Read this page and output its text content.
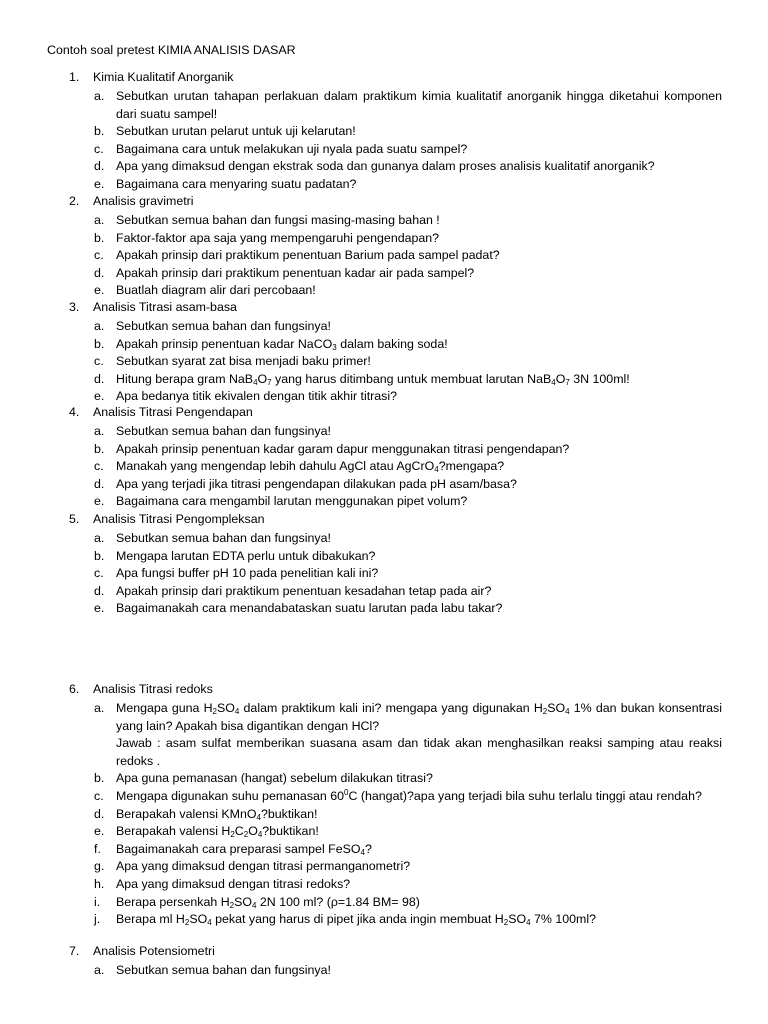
Contoh soal pretest KIMIA ANALISIS DASAR
1. Kimia Kualitatif Anorganik
a. Sebutkan urutan tahapan perlakuan dalam praktikum kimia kualitatif anorganik hingga diketahui komponen dari suatu sampel!
b. Sebutkan urutan pelarut untuk uji kelarutan!
c. Bagaimana cara untuk melakukan uji nyala pada suatu sampel?
d. Apa yang dimaksud dengan ekstrak soda dan gunanya dalam proses analisis kualitatif anorganik?
e. Bagaimana cara menyaring suatu padatan?
2. Analisis gravimetri
a. Sebutkan semua bahan dan fungsi masing-masing bahan !
b. Faktor-faktor apa saja yang mempengaruhi pengendapan?
c. Apakah prinsip dari praktikum penentuan Barium pada sampel padat?
d. Apakah prinsip dari praktikum penentuan kadar air pada sampel?
e. Buatlah diagram alir dari percobaan!
3. Analisis Titrasi asam-basa
a. Sebutkan semua bahan dan fungsinya!
b. Apakah prinsip penentuan kadar NaCO$_3$ dalam baking soda!
c. Sebutkan syarat zat bisa menjadi baku primer!
d. Hitung berapa gram $NaB_4O_7$ yang harus ditimbang untuk membuat larutan $NaB_4O_7$ 3N 100ml!
e. Apa bedanya titik ekivalen dengan titik akhir titrasi?
4. Analisis Titrasi Pengendapan
a. Sebutkan semua bahan dan fungsinya!
b. Apakah prinsip penentuan kadar garam dapur menggunakan titrasi pengendapan?
c. Manakah yang mengendap lebih dahulu AgCl atau AgCrO$_4$?mengapa?
d. Apa yang terjadi jika titrasi pengendapan dilakukan pada pH asam/basa?
e. Bagaimana cara mengambil larutan menggunakan pipet volum?
5. Analisis Titrasi Pengompleksan
a. Sebutkan semua bahan dan fungsinya!
b. Mengapa larutan EDTA perlu untuk dibakukan?
c. Apa fungsi buffer pH 10 pada penelitian kali ini?
d. Apakah prinsip dari praktikum penentuan kesadahan tetap pada air?
e. Bagaimanakah cara menandabataskan suatu larutan pada labu takar?
6. Analisis Titrasi redoks
a. Mengapa guna $H_2SO_4$ dalam praktikum kali ini? mengapa yang digunakan $H_2SO_4$ 1% dan bukan konsentrasi yang lain? Apakah bisa digantikan dengan HCl?
Jawab : asam sulfat memberikan suasana asam dan tidak akan menghasilkan reaksi samping atau reaksi redoks .
b. Apa guna pemanasan (hangat) sebelum dilakukan titrasi?
c. Mengapa digunakan suhu pemanasan $60^0C$ (hangat)?apa yang terjadi bila suhu terlalu tinggi atau rendah?
d. Berapakah valensi KMnO$_4$?buktikan!
e. Berapakah valensi $H_2C_2O_4?buktikan$!
f. Bagaimanakah cara preparasi sampel FeSO$_4$?
g. Apa yang dimaksud dengan titrasi permanganometri?
h. Apa yang dimaksud dengan titrasi redoks?
i. Berapa persenkah $H_2SO_4$ 2N 100 ml? (ρ=1.84 BM= 98)
j. Berapa ml $H_2SO_4$ pekat yang harus di pipet jika anda ingin membuat $H_2SO_4$ 7% 100ml?
7. Analisis Potensiometri
a. Sebutkan semua bahan dan fungsinya!
